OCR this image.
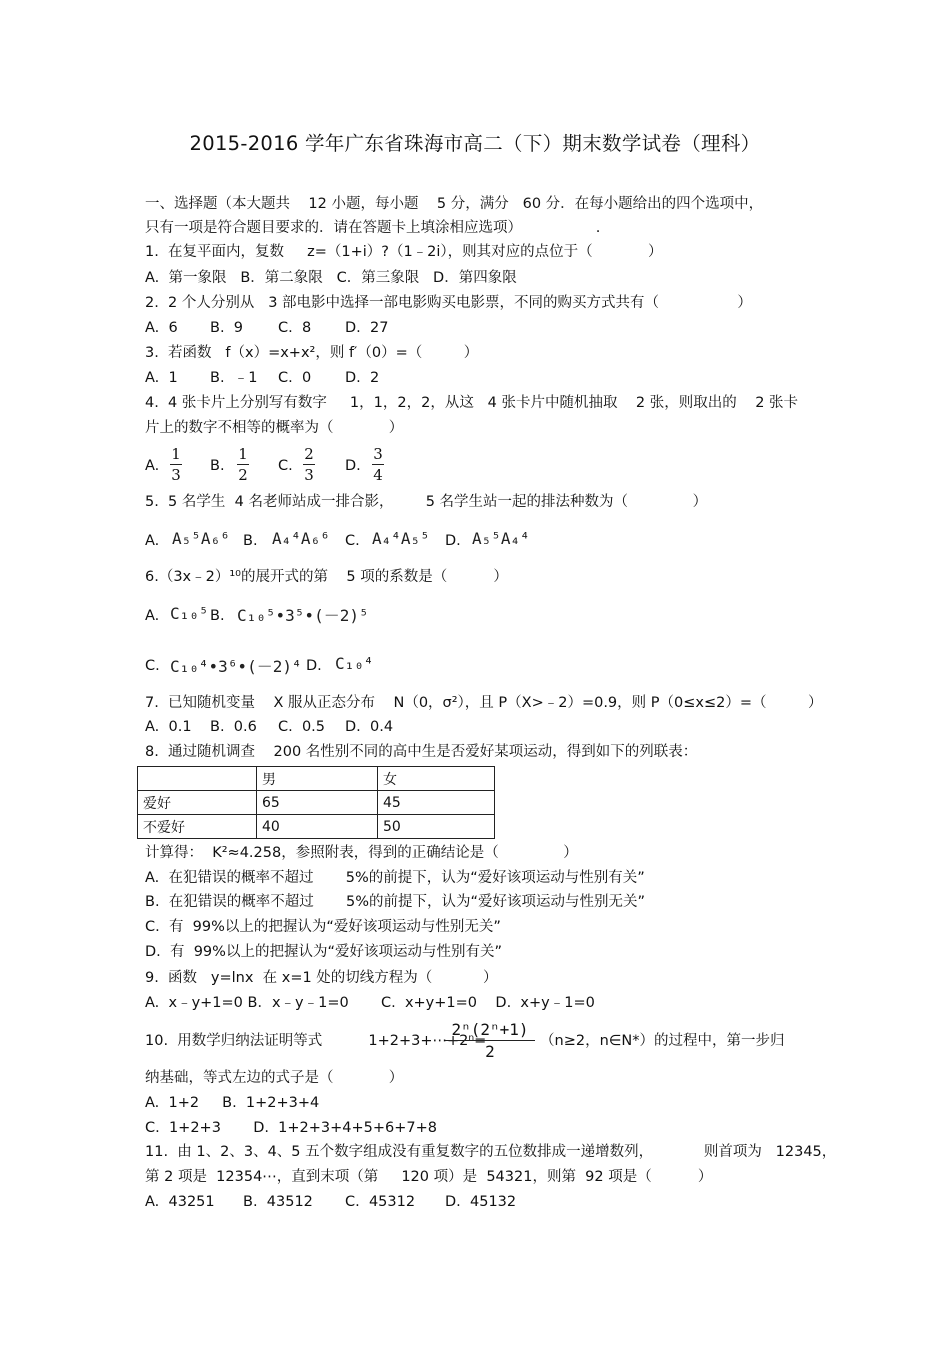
2015-2016 学年广东省珠海市高二（下）期末数学试卷（理科）
一、选择题（本大题共    12 小题，每小题    5 分，满分   60 分．在每小题给出的四个选项中，
只有一项是符合题目要求的．请在答题卡上填涂相应选项）                .
1.  在复平面内，复数     z=（1+i）?（1﹣2i），则其对应的点位于（            ）
A.  第一象限   B．第二象限   C．第三象限   D．第四象限
2.  2 个人分别从   3 部电影中选择一部电影购买电影票，不同的购买方式共有（                 ）
A.  6 B.  9 C.  8 D.  27
3.  若函数   f（x）=x+x²，则 f′（0）=（         ）
A.  1 B.  ﹣1 C.  0 D.  2
4.  4 张卡片上分别写有数字     1，1，2，2，从这   4 张卡片中随机抽取    2 张，则取出的    2 张卡
片上的数字不相等的概率为（            ）
A.
1
3 B.
1
2 C.
2
3 D.
3
4
5.  5 名学生  4 名老师站成一排合影，       5 名学生站一起的排法种数为（              ）
A. A₅⁵A₆⁶ B. A₄⁴A₆⁶ C. A₄⁴A₅⁵ D. A₅⁵A₄⁴
6.（3x﹣2）¹⁰的展开式的第    5 项的系数是（          ）
A. C₁₀⁵ B. C₁₀⁵•3⁵•(－2)⁵
C. C₁₀⁴•3⁶•(－2)⁴ D. C₁₀⁴
7.  已知随机变量    X 服从正态分布    N（0，σ²），且 P（X>﹣2）=0.9，则 P（0≤x≤2）=（         ）
A.  0.1 B.  0.6 C.  0.5 D.  0.4
8.  通过随机调查    200 名性别不同的高中生是否爱好某项运动，得到如下的列联表：
	男	女
爱好	65	45
不爱好	40	50
计算得：  K²≈4.258，参照附表，得到的正确结论是（              ）
A.  在犯错误的概率不超过       5%的前提下，认为“爱好该项运动与性别有关”
B.  在犯错误的概率不超过       5%的前提下，认为“爱好该项运动与性别无关”
C.  有  99%以上的把握认为“爱好该项运动与性别无关”
D.  有  99%以上的把握认为“爱好该项运动与性别有关”
9.  函数   y=lnx  在 x=1 处的切线方程为（           ）
A.  x﹣y+1=0 B．x﹣y﹣1=0       C.  x+y+1=0    D.  x+y﹣1=0
10.  用数学归纳法证明等式          1+2+3+⋯+2ⁿ=
2ⁿ(2ⁿ+1)
2
（n≥2，n∈N*）的过程中，第一步归
纳基础，等式左边的式子是（            ）
A.  1+2     B.  1+2+3+4
C.  1+2+3       D.  1+2+3+4+5+6+7+8
11.  由 1、2、3、4、5 五个数字组成没有重复数字的五位数排成一递增数列，           则首项为   12345，
第 2 项是  12354⋯，直到末项（第     120 项）是  54321，则第  92 项是（          ）
A.  43251 B.  43512 C.  45312 D.  45132
